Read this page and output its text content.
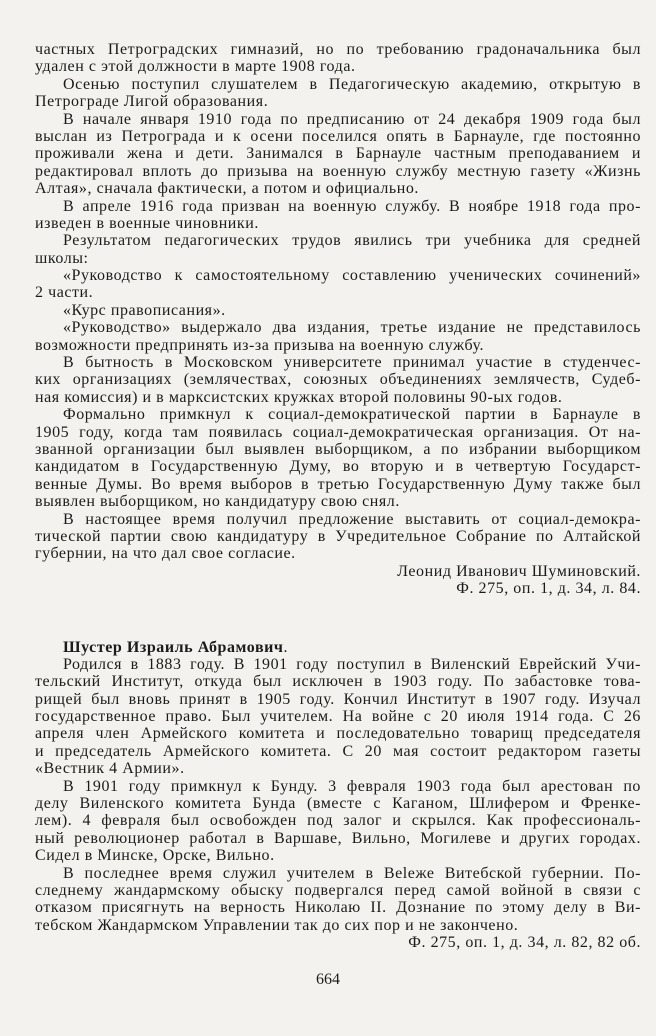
частных Петроградских гимназий, но по требованию градоначальника был
удален с этой должности в марте 1908 года.
Осенью поступил слушателем в Педагогическую академию, открытую в
Петрограде Лигой образования.
В начале января 1910 года по предписанию от 24 декабря 1909 года был
выслан из Петрограда и к осени поселился опять в Барнауле, где постоянно
проживали жена и дети. Занимался в Барнауле частным преподаванием и
редактировал вплоть до призыва на военную службу местную газету «Жизнь
Алтая», сначала фактически, а потом и официально.
В апреле 1916 года призван на военную службу. В ноябре 1918 года про-
изведен в военные чиновники.
Результатом педагогических трудов явились три учебника для средней
школы:
«Руководство к самостоятельному составлению ученических сочинений»
2 части.
«Курс правописания».
«Руководство» выдержало два издания, третье издание не представилось
возможности предпринять из-за призыва на военную службу.
В бытность в Московском университете принимал участие в студенчес-
ких организациях (землячествах, союзных объединениях землячеств, Судеб-
ная комиссия) и в марксистских кружках второй половины 90-ых годов.
Формально примкнул к социал-демократической партии в Барнауле в
1905 году, когда там появилась социал-демократическая организация. От на-
званной организации был выявлен выборщиком, а по избрании выборщиком
кандидатом в Государственную Думу, во вторую и в четвертую Государст-
венные Думы. Во время выборов в третью Государственную Думу также был
выявлен выборщиком, но кандидатуру свою снял.
В настоящее время получил предложение выставить от социал-демокра-
тической партии свою кандидатуру в Учредительное Собрание по Алтайской
губернии, на что дал свое согласие.
Леонид Иванович Шуминовский.
Ф. 275, оп. 1, д. 34, л. 84.
Шустер Израиль Абрамович.
Родился в 1883 году. В 1901 году поступил в Виленский Еврейский Учи-
тельский Институт, откуда был исключен в 1903 году. По забастовке това-
рищей был вновь принят в 1905 году. Кончил Институт в 1907 году. Изучал
государственное право. Был учителем. На войне с 20 июля 1914 года. С 26
апреля член Армейского комитета и последовательно товарищ председателя
и председатель Армейского комитета. С 20 мая состоит редактором газеты
«Вестник 4 Армии».
В 1901 году примкнул к Бунду. 3 февраля 1903 года был арестован по
делу Виленского комитета Бунда (вместе с Каганом, Шлифером и Френке-
лем). 4 февраля был освобожден под залог и скрылся. Как профессиональ-
ный революционер работал в Варшаве, Вильно, Могилеве и других городах.
Сидел в Минске, Орске, Вильно.
В последнее время служил учителем в Веleже Витебской губернии. По-
следнему жандармскому обыску подвергался перед самой войной в связи с
отказом присягнуть на верность Николаю II. Дознание по этому делу в Ви-
тебском Жандармском Управлении так до сих пор и не закончено.
Ф. 275, оп. 1, д. 34, л. 82, 82 об.
664
